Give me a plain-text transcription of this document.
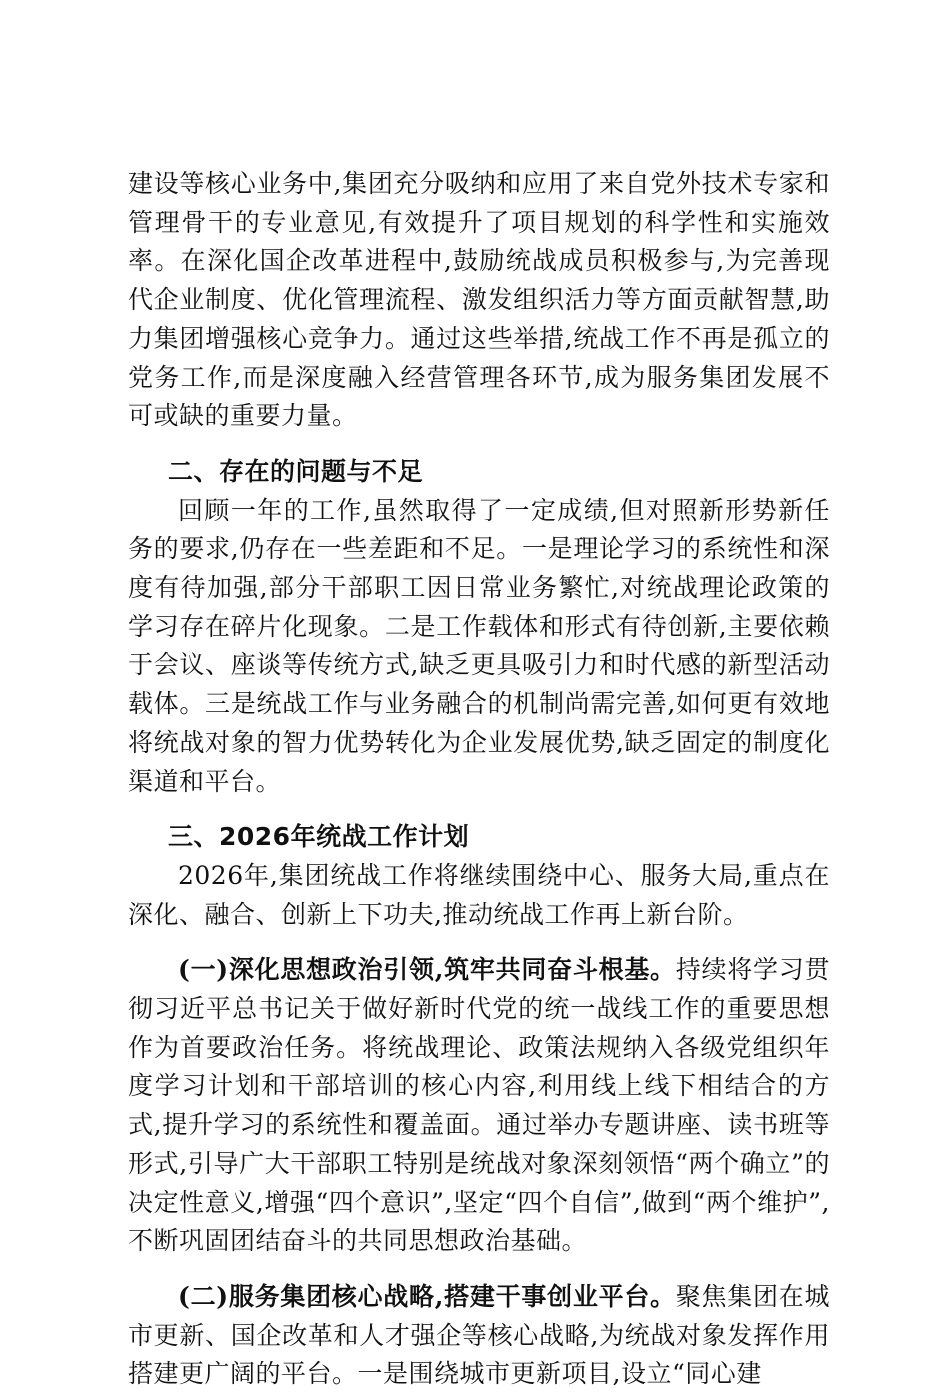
建设等核心业务中,集团充分吸纳和应用了来自党外技术专家和管理骨干的专业意见,有效提升了项目规划的科学性和实施效率。在深化国企改革进程中,鼓励统战成员积极参与,为完善现代企业制度、优化管理流程、激发组织活力等方面贡献智慧,助力集团增强核心竞争力。通过这些举措,统战工作不再是孤立的党务工作,而是深度融入经营管理各环节,成为服务集团发展不可或缺的重要力量。

二、存在的问题与不足

回顾一年的工作,虽然取得了一定成绩,但对照新形势新任务的要求,仍存在一些差距和不足。一是理论学习的系统性和深度有待加强,部分干部职工因日常业务繁忙,对统战理论政策的学习存在碎片化现象。二是工作载体和形式有待创新,主要依赖于会议、座谈等传统方式,缺乏更具吸引力和时代感的新型活动载体。三是统战工作与业务融合的机制尚需完善,如何更有效地将统战对象的智力优势转化为企业发展优势,缺乏固定的制度化渠道和平台。

三、2026年统战工作计划

2026年,集团统战工作将继续围绕中心、服务大局,重点在深化、融合、创新上下功夫,推动统战工作再上新台阶。

(一)深化思想政治引领,筑牢共同奋斗根基。持续将学习贯彻习近平总书记关于做好新时代党的统一战线工作的重要思想作为首要政治任务。将统战理论、政策法规纳入各级党组织年度学习计划和干部培训的核心内容,利用线上线下相结合的方式,提升学习的系统性和覆盖面。通过举办专题讲座、读书班等形式,引导广大干部职工特别是统战对象深刻领悟“两个确立”的决定性意义,增强“四个意识”,坚定“四个自信”,做到“两个维护”,不断巩固团结奋斗的共同思想政治基础。

(二)服务集团核心战略,搭建干事创业平台。聚焦集团在城市更新、国企改革和人才强企等核心战略,为统战对象发挥作用搭建更广阔的平台。一是围绕城市更新项目,设立“同心建
